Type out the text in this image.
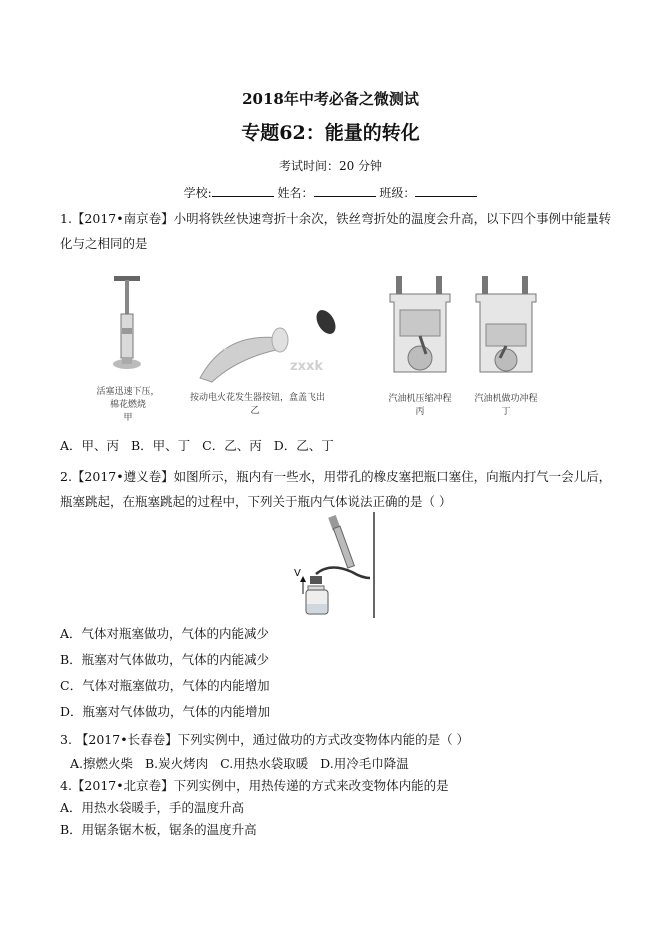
2018年中考必备之微测试
专题62：能量的转化
考试时间：20 分钟
学校:	姓名：	班级：
1.【2017•南京卷】小明将铁丝快速弯折十余次，铁丝弯折处的温度会升高，以下四个事例中能量转化与之相同的是
活塞迅速下压，
棉花燃烧
甲
zxxk
zxxk
按动电火花发生器按钮，盒盖飞出
乙
汽油机压缩冲程
丙
汽油机做功冲程
丁
A．甲、丙 B．甲、丁 C．乙、丙 D．乙、丁
2.【2017•遵义卷】如图所示，瓶内有一些水，用带孔的橡皮塞把瓶口塞住，向瓶内打气一会儿后，瓶塞跳起，在瓶塞跳起的过程中，下列关于瓶内气体说法正确的是（ ）
V
A．气体对瓶塞做功，气体的内能减少
B．瓶塞对气体做功，气体的内能减少
C．气体对瓶塞做功，气体的内能增加
D．瓶塞对气体做功，气体的内能增加
3. 【2017•长春卷】下列实例中，通过做功的方式改变物体内能的是（ ）
A.擦燃火柴 B.炭火烤肉 C.用热水袋取暖 D.用冷毛巾降温
4.【2017•北京卷】下列实例中，用热传递的方式来改变物体内能的是
A．用热水袋暖手，手的温度升高
B．用锯条锯木板，锯条的温度升高
